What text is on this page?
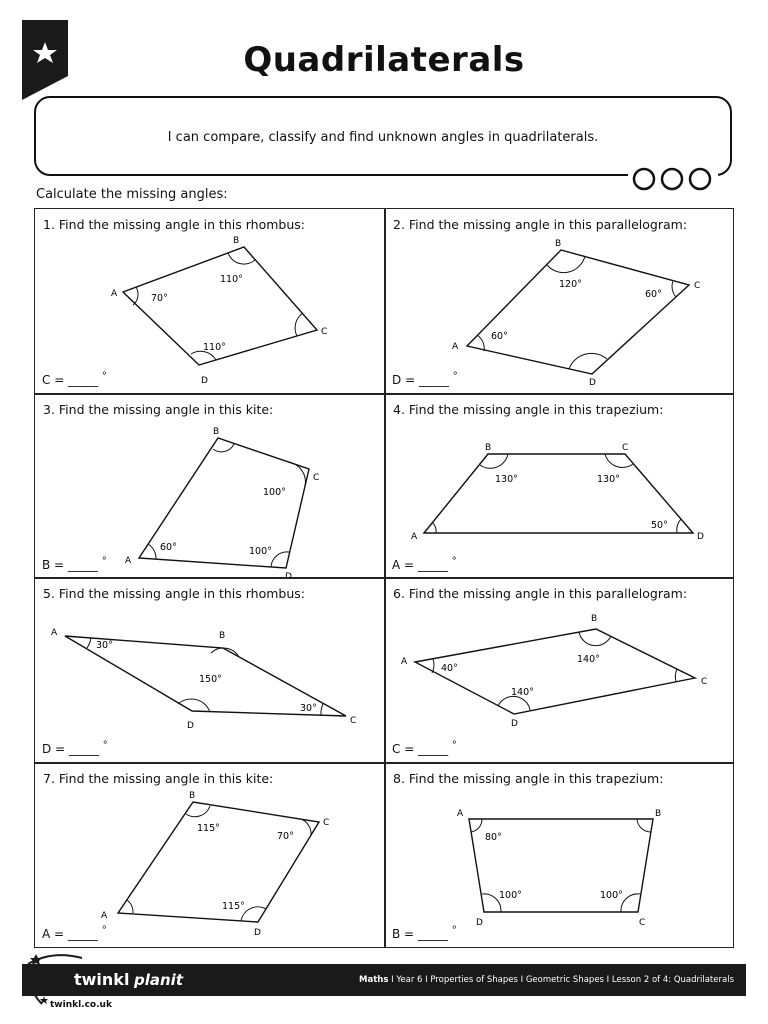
Quadrilaterals
I can compare, classify and find unknown angles in quadrilaterals.
Calculate the missing angles:
1. Find the missing angle in this rhombus:
A
B
C
D
70°
110°
110°
C = _____ °
2. Find the missing angle in this parallelogram:
A
B
C
D
60°
120°
60°
D = _____ °
3. Find the missing angle in this kite:
A
B
C
D
60°
100°
100°
B = _____ °
4. Find the missing angle in this trapezium:
A
B	C
D
130°	130°
50°
A = _____ °
5. Find the missing angle in this rhombus:
A	B
C
D
30°
150°
30°
D = _____ °
6. Find the missing angle in this parallelogram:
A
B
C
D
40°
140°
140°
C = _____ °
7. Find the missing angle in this kite:
A
B
C
D
115°
70°
115°
A = _____ °
8. Find the missing angle in this trapezium:
A	B
C
D
80°
100°	100°
B = _____ °
twinkl planit	Maths I Year 6 I Properties of Shapes I Geometric Shapes I Lesson 2 of 4: Quadrilaterals
twinkl.co.uk
